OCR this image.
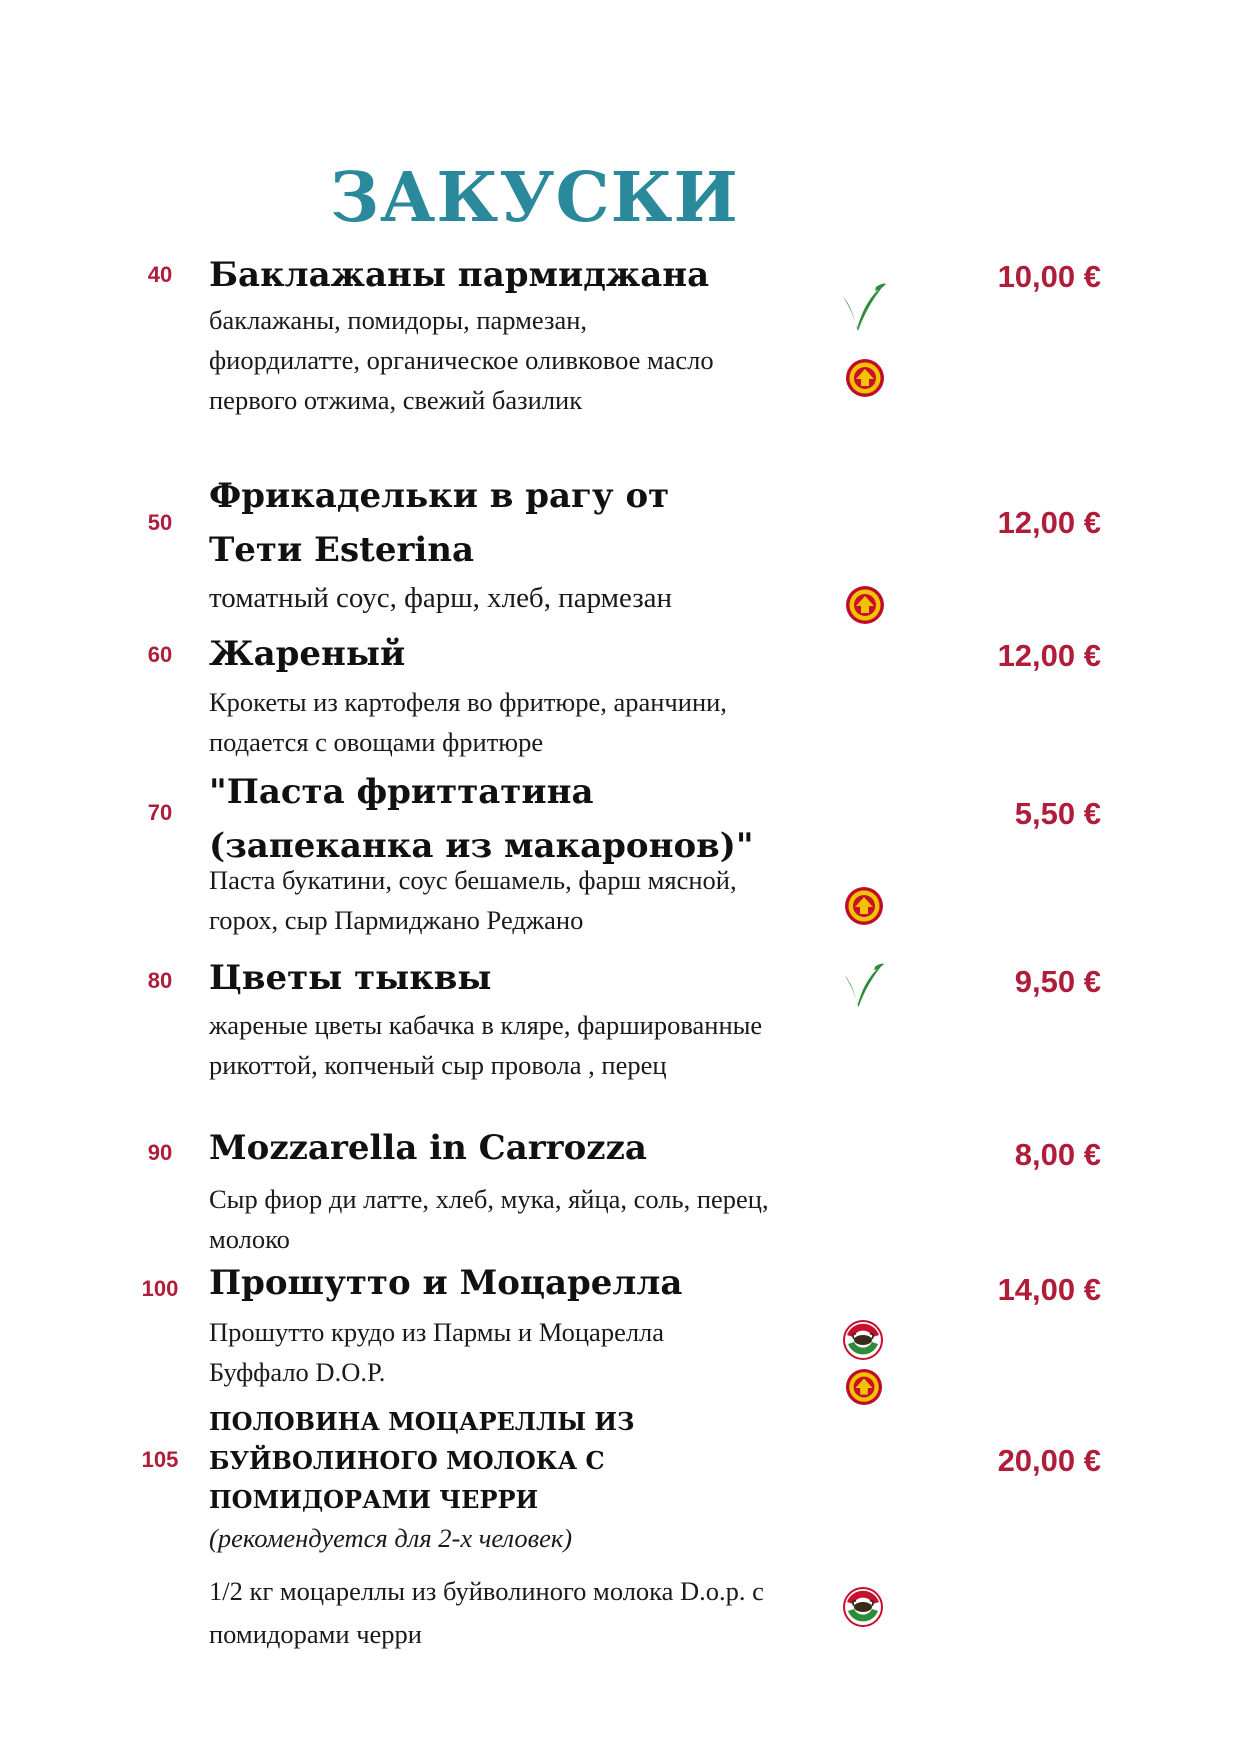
ЗАКУСКИ
40	Баклажаны пармиджана
баклажаны, помидоры, пармезан, фиордилатте, органическое оливковое масло первого отжима, свежий базилик
10,00 €
50
Фрикадельки в рагу от Тети Esterina
томатный соус, фарш, хлеб, пармезан
12,00 €
60	Жареный
Крокеты из картофеля во фритюре, аранчини, подается с овощами фритюре
12,00 €
70
"Паста фриттатина (запеканка из макаронов)"
Паста букатини, соус бешамель, фарш мясной, горох, сыр Пармиджано Реджано
5,50 €
80	Цветы тыквы
жареные цветы кабачка в кляре, фаршированные рикоттой, копченый сыр провола , перец
9,50 €
90	Mozzarella in Carrozza
Сыр фиор ди латте, хлеб, мука, яйца, соль, перец, молоко
8,00 €
100 Прошутто и Моцарелла
Прошутто крудо из Пармы и Моцарелла Буффало D.O.P.
14,00 €
105
ПОЛОВИНА МОЦАРЕЛЛЫ ИЗ БУЙВОЛИНОГО МОЛОКА С ПОМИДОРАМИ ЧЕРРИ
(рекомендуется для 2-х человек)
1/2 кг моцареллы из буйволиного молока D.o.p. с помидорами черри
20,00 €
